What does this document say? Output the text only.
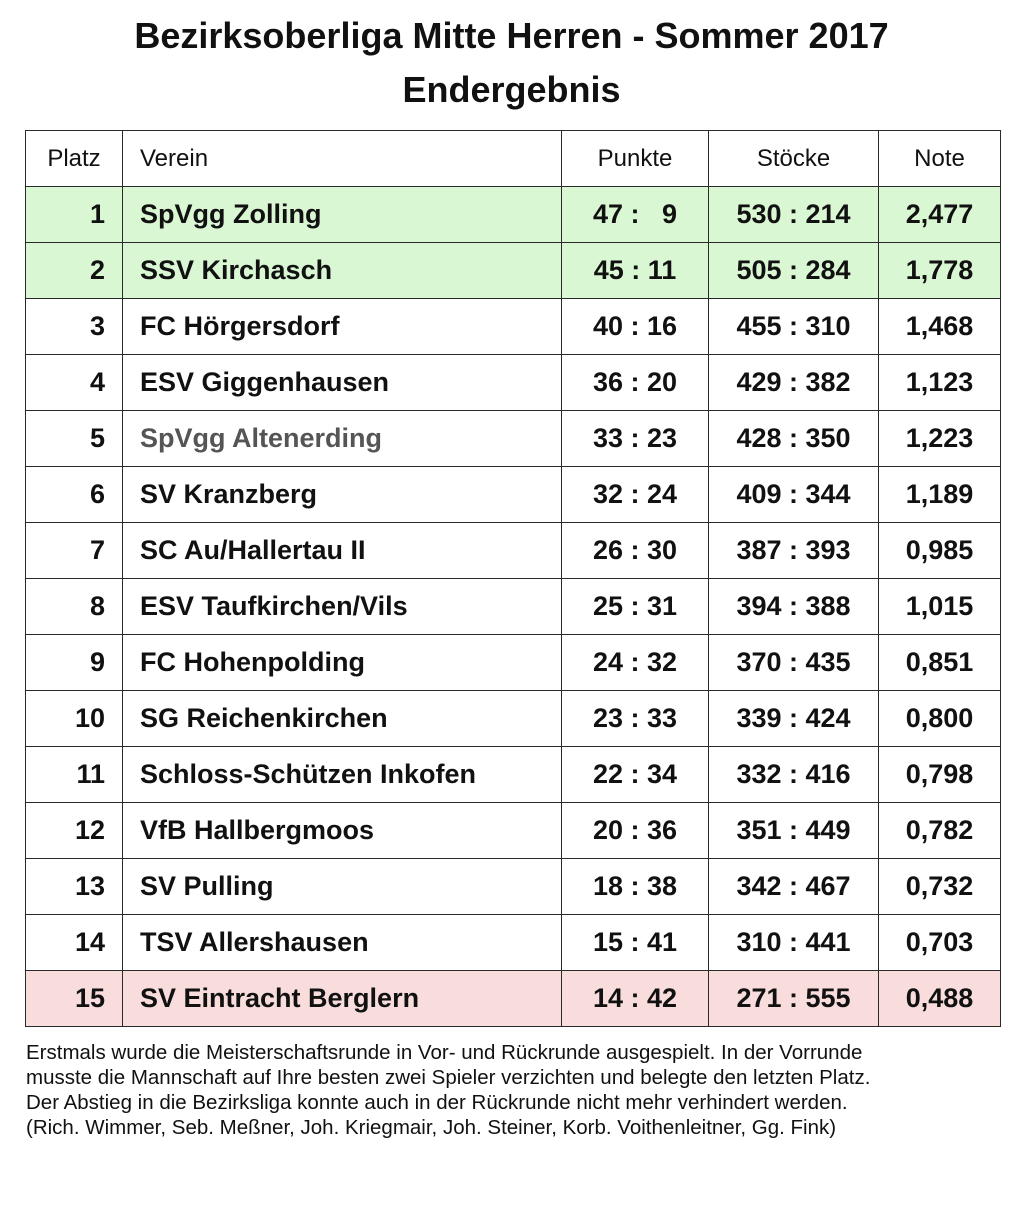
Bezirksoberliga Mitte Herren - Sommer 2017
Endergebnis
Platz	Verein	Punkte	Stöcke	Note
1	SpVgg Zolling	47 :   9	530 : 214	2,477
2	SSV Kirchasch	45 : 11	505 : 284	1,778
3	FC Hörgersdorf	40 : 16	455 : 310	1,468
4	ESV Giggenhausen	36 : 20	429 : 382	1,123
5	SpVgg Altenerding	33 : 23	428 : 350	1,223
6	SV Kranzberg	32 : 24	409 : 344	1,189
7	SC Au/Hallertau II	26 : 30	387 : 393	0,985
8	ESV Taufkirchen/Vils	25 : 31	394 : 388	1,015
9	FC Hohenpolding	24 : 32	370 : 435	0,851
10	SG Reichenkirchen	23 : 33	339 : 424	0,800
11	Schloss-Schützen Inkofen	22 : 34	332 : 416	0,798
12	VfB Hallbergmoos	20 : 36	351 : 449	0,782
13	SV Pulling	18 : 38	342 : 467	0,732
14	TSV Allershausen	15 : 41	310 : 441	0,703
15	SV Eintracht Berglern	14 : 42	271 : 555	0,488
Erstmals wurde die Meisterschaftsrunde in Vor- und Rückrunde ausgespielt. In der Vorrunde
musste die Mannschaft auf Ihre besten zwei Spieler verzichten und belegte den letzten Platz.
Der Abstieg in die Bezirksliga konnte auch in der Rückrunde nicht mehr verhindert werden.
(Rich. Wimmer, Seb. Meßner, Joh. Kriegmair, Joh. Steiner, Korb. Voithenleitner, Gg. Fink)
